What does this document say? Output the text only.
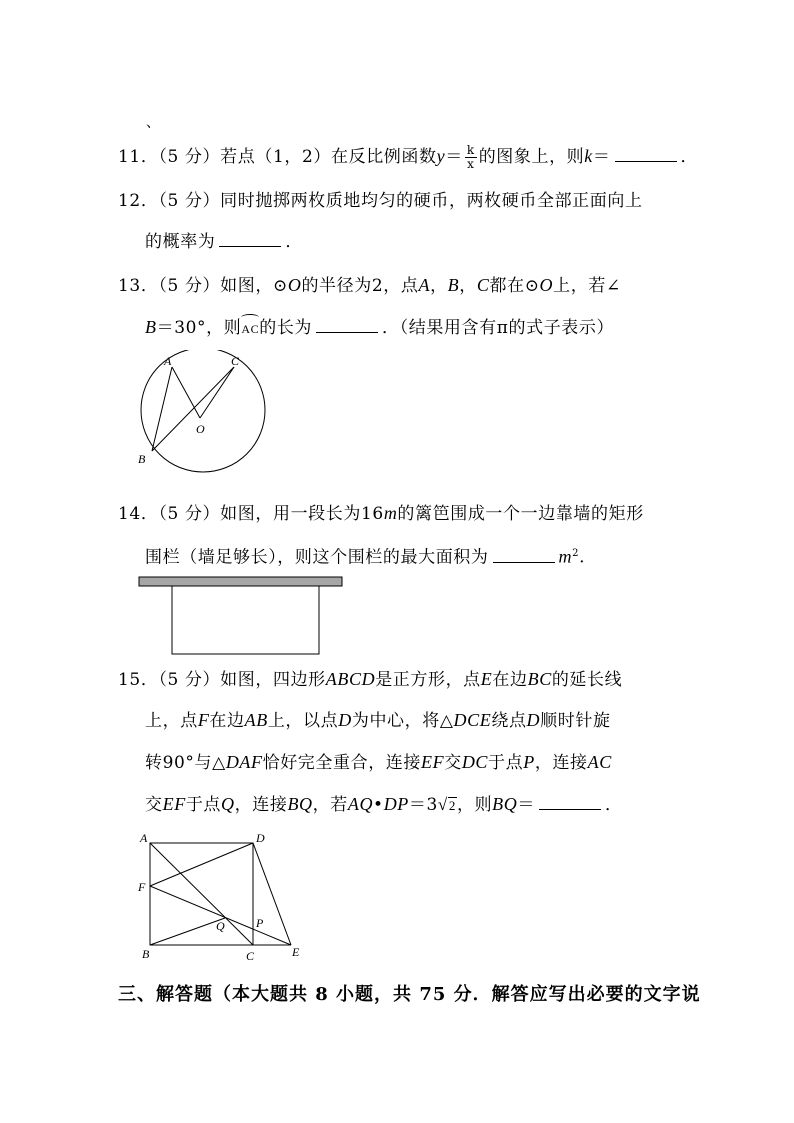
、
11．（5 分）若点（1，2）在反比例函数$y= \frac{k}{x}$ 的图象上，则k＝	．
12．（5 分）同时抛掷两枚质地均匀的硬币，两枚硬币全部正面向上
的概率为	．
13．（5 分）如图，⊙O的半径为2，点A，B，C都在⊙O上，若∠
B＝30°，则AC的长为	．（结果用含有π的式子表示）
A	C
O
B
14．（5 分）如图，用一段长为16m的篱笆围成一个一边靠墙的矩形
围栏（墙足够长），则这个围栏的最大面积为	$m^2$.
15．（5 分）如图，四边形ABCD是正方形，点E在边BC的延长线
上，点F在边AB上，以点D为中心，将△DCE绕点D顺时针旋
转90°与△DAF恰好完全重合，连接EF交DC于点P，连接AC
交EF于点Q，连接BQ，若AQ•DP＝3√2，则BQ＝	．
A	D
F
Q	P
B	C	E
三、解答题（本大题共 8 小题，共 75 分．解答应写出必要的文字说
